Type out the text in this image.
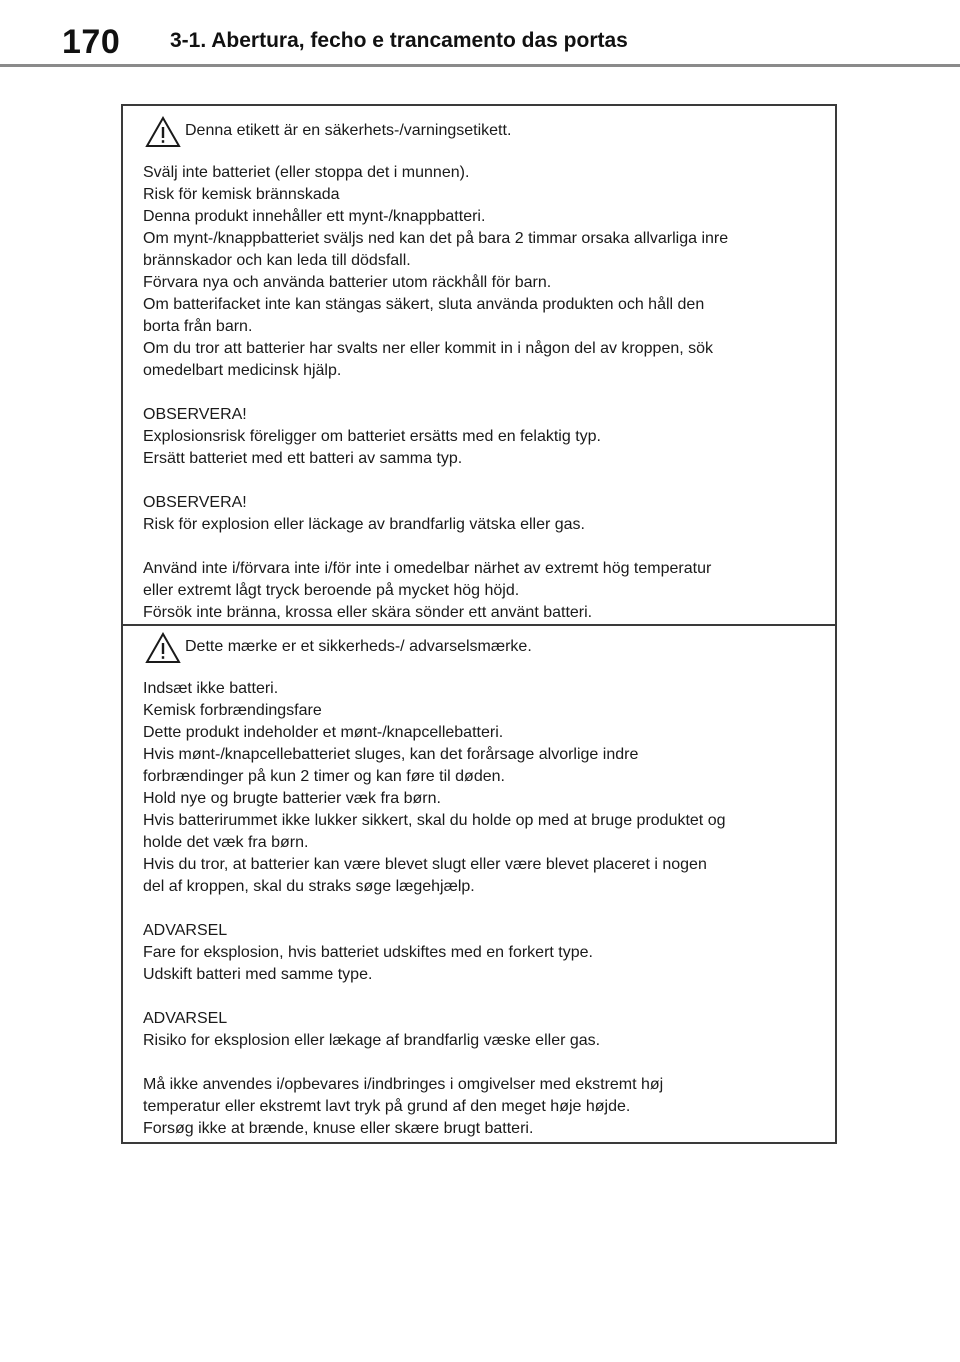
170 3-1. Abertura, fecho e trancamento das portas
Denna etikett är en säkerhets-/varningsetikett.
Svälj inte batteriet (eller stoppa det i munnen).
Risk för kemisk brännskada
Denna produkt innehåller ett mynt-/knappbatteri.
Om mynt-/knappbatteriet sväljs ned kan det på bara 2 timmar orsaka allvarliga inre
brännskador och kan leda till dödsfall.
Förvara nya och använda batterier utom räckhåll för barn.
Om batterifacket inte kan stängas säkert, sluta använda produkten och håll den
borta från barn.
Om du tror att batterier har svalts ner eller kommit in i någon del av kroppen, sök
omedelbart medicinsk hjälp.
OBSERVERA!
Explosionsrisk föreligger om batteriet ersätts med en felaktig typ.
Ersätt batteriet med ett batteri av samma typ.
OBSERVERA!
Risk för explosion eller läckage av brandfarlig vätska eller gas.
Använd inte i/förvara inte i/för inte i omedelbar närhet av extremt hög temperatur
eller extremt lågt tryck beroende på mycket hög höjd.
Försök inte bränna, krossa eller skära sönder ett använt batteri.
Dette mærke er et sikkerheds-/ advarselsmærke.
Indsæt ikke batteri.
Kemisk forbrændingsfare
Dette produkt indeholder et mønt-/knapcellebatteri.
Hvis mønt-/knapcellebatteriet sluges, kan det forårsage alvorlige indre
forbrændinger på kun 2 timer og kan føre til døden.
Hold nye og brugte batterier væk fra børn.
Hvis batterirummet ikke lukker sikkert, skal du holde op med at bruge produktet og
holde det væk fra børn.
Hvis du tror, at batterier kan være blevet slugt eller være blevet placeret i nogen
del af kroppen, skal du straks søge lægehjælp.
ADVARSEL
Fare for eksplosion, hvis batteriet udskiftes med en forkert type.
Udskift batteri med samme type.
ADVARSEL
Risiko for eksplosion eller lækage af brandfarlig væske eller gas.
Må ikke anvendes i/opbevares i/indbringes i omgivelser med ekstremt høj
temperatur eller ekstremt lavt tryk på grund af den meget høje højde.
Forsøg ikke at brænde, knuse eller skære brugt batteri.
